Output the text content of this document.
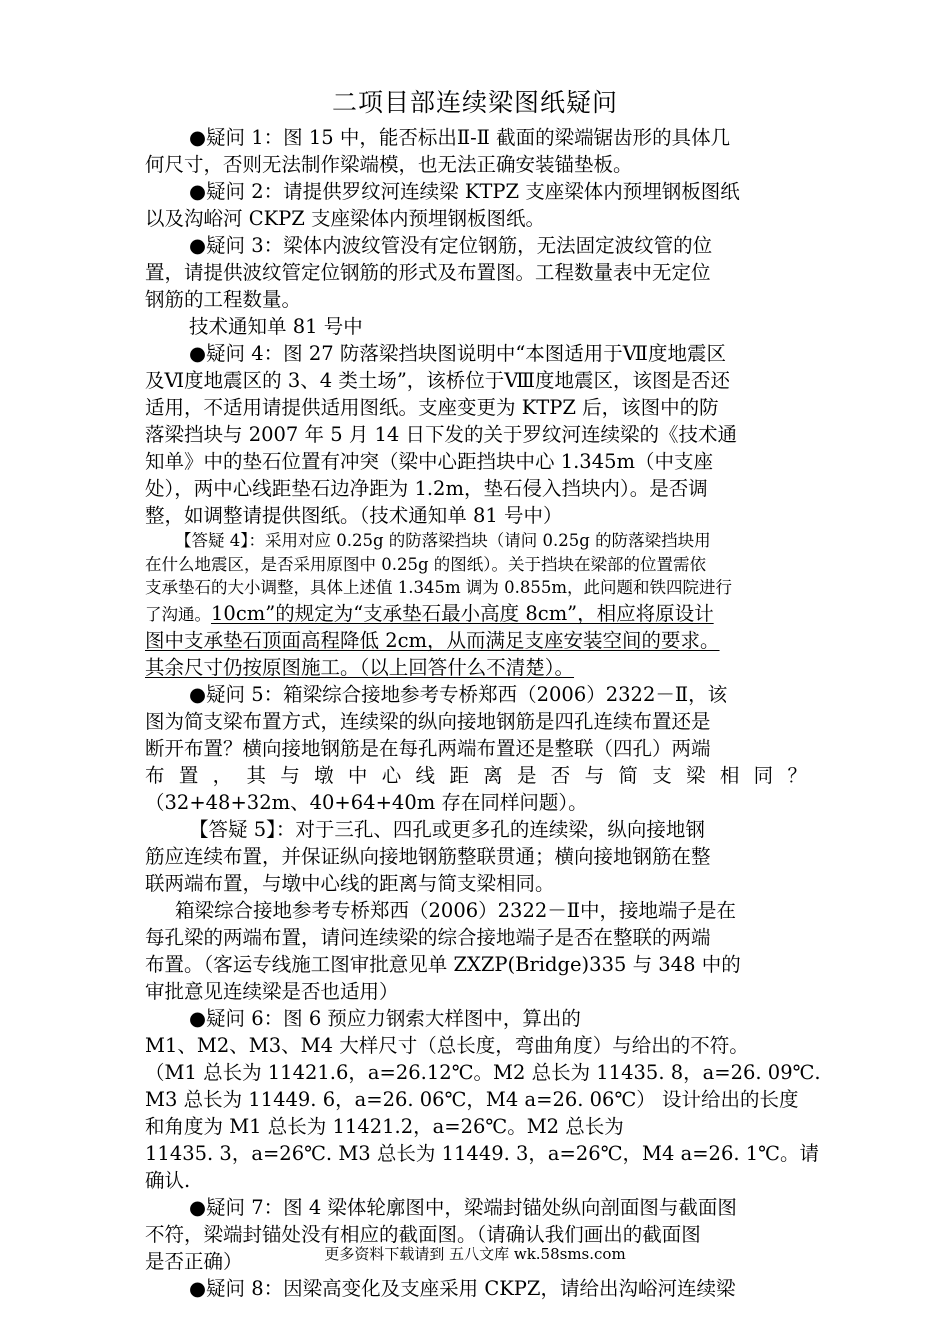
二项目部连续梁图纸疑问
●疑问 1：图 15 中，能否标出Ⅱ-Ⅱ 截面的梁端锯齿形的具体几
何尺寸，否则无法制作梁端模，也无法正确安装锚垫板。
●疑问 2：请提供罗纹河连续梁 KTPZ 支座梁体内预埋钢板图纸
以及沟峪河 CKPZ 支座梁体内预埋钢板图纸。
●疑问 3：梁体内波纹管没有定位钢筋，无法固定波纹管的位
置，请提供波纹管定位钢筋的形式及布置图。工程数量表中无定位
钢筋的工程数量。
技术通知单 81 号中
●疑问 4：图 27 防落梁挡块图说明中“本图适用于Ⅶ度地震区
及Ⅵ度地震区的 3、4 类土场”，该桥位于Ⅷ度地震区，该图是否还
适用，不适用请提供适用图纸。支座变更为 KTPZ 后，该图中的防
落梁挡块与 2007 年 5 月 14 日下发的关于罗纹河连续梁的《技术通
知单》中的垫石位置有冲突（梁中心距挡块中心 1.345m（中支座
处），两中心线距垫石边净距为 1.2m，垫石侵入挡块内）。是否调
整，如调整请提供图纸。（技术通知单 81 号中）
【答疑 4】：采用对应 0.25g 的防落梁挡块（请问 0.25g 的防落梁挡块用
在什么地震区，是否采用原图中 0.25g 的图纸）。关于挡块在梁部的位置需依
支承垫石的大小调整，具体上述值 1.345m 调为 0.855m，此问题和铁四院进行
了沟通。10cm”的规定为“支承垫石最小高度 8cm”，相应将原设计
图中支承垫石顶面高程降低 2cm，从而满足支座安装空间的要求。
其余尺寸仍按原图施工。（以上回答什么不清楚）。
●疑问 5：箱梁综合接地参考专桥郑西（2006）2322－Ⅱ，该
图为简支梁布置方式，连续梁的纵向接地钢筋是四孔连续布置还是
断开布置？横向接地钢筋是在每孔两端布置还是整联（四孔）两端
布置，其与墩中心线距离是否与简支梁相同？
（32+48+32m、40+64+40m 存在同样问题）。
【答疑 5】：对于三孔、四孔或更多孔的连续梁，纵向接地钢
筋应连续布置，并保证纵向接地钢筋整联贯通；横向接地钢筋在整
联两端布置，与墩中心线的距离与简支梁相同。
箱梁综合接地参考专桥郑西（2006）2322－Ⅱ中，接地端子是在
每孔梁的两端布置，请问连续梁的综合接地端子是否在整联的两端
布置。（客运专线施工图审批意见单 ZXZP(Bridge)335 与 348 中的
审批意见连续梁是否也适用）
●疑问 6：图 6 预应力钢索大样图中，算出的
M1、M2、M3、M4 大样尺寸（总长度，弯曲角度）与给出的不符。
（M1 总长为 11421.6，a=26.12℃。M2 总长为 11435. 8，a=26. 09℃.
M3 总长为 11449. 6，a=26. 06℃，M4 a=26. 06℃） 设计给出的长度
和角度为 M1 总长为 11421.2，a=26℃。M2 总长为
11435. 3，a=26℃. M3 总长为 11449. 3，a=26℃，M4 a=26. 1℃。请
确认.
●疑问 7：图 4 梁体轮廓图中，梁端封锚处纵向剖面图与截面图
不符，梁端封锚处没有相应的截面图。（请确认我们画出的截面图
是否正确）
●疑问 8：因梁高变化及支座采用 CKPZ，请给出沟峪河连续梁
更多资料下载请到 五八文库 wk.58sms.com
